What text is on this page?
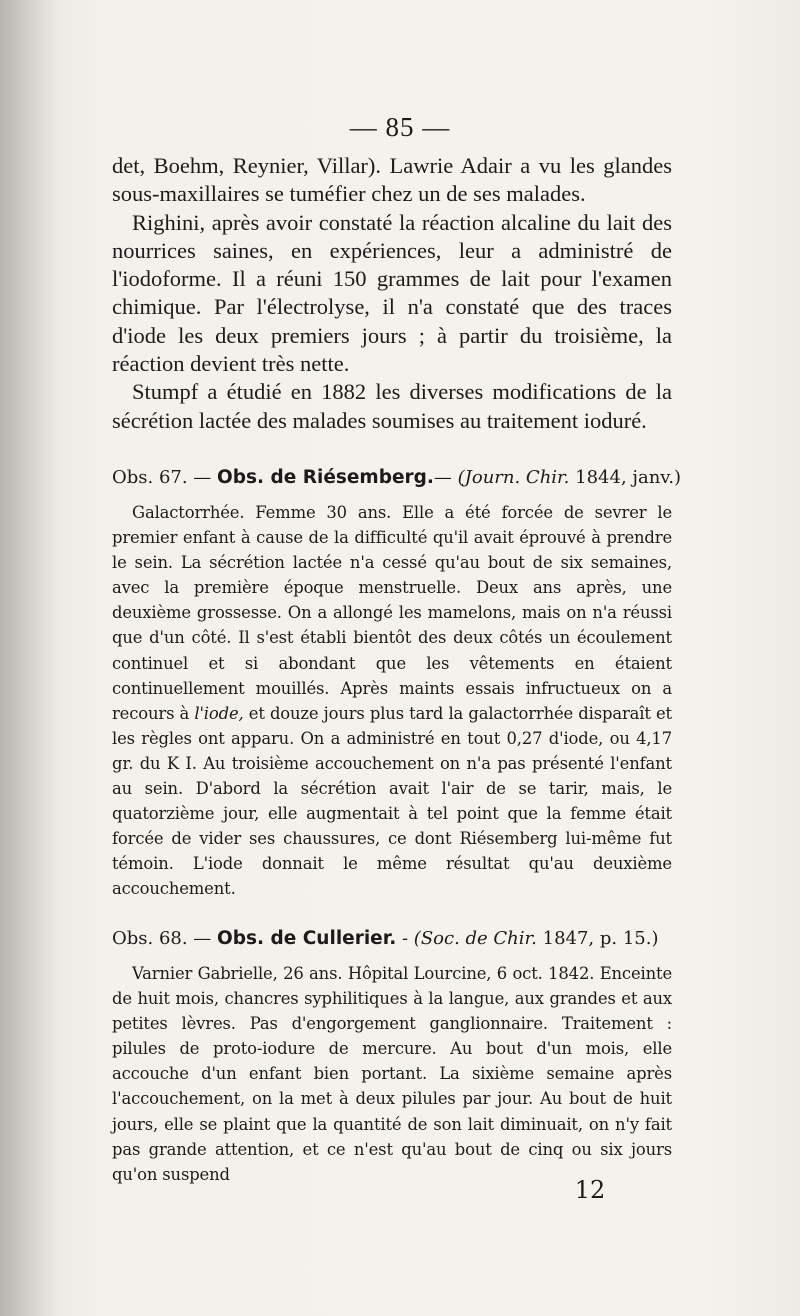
— 85 —

det, Boehm, Reynier, Villar). Lawrie Adair a vu les glandes sous-maxillaires se tuméfier chez un de ses malades.

Righini, après avoir constaté la réaction alcaline du lait des nourrices saines, en expériences, leur a administré de l'iodoforme. Il a réuni 150 grammes de lait pour l'examen chimique. Par l'électrolyse, il n'a constaté que des traces d'iode les deux premiers jours ; à partir du troisième, la réaction devient très nette.

Stumpf a étudié en 1882 les diverses modifications de la sécrétion lactée des malades soumises au traitement ioduré.

Obs. 67. — Obs. de Riésemberg.— (Journ. Chir. 1844, janv.)

Galactorrhée. Femme 30 ans. Elle a été forcée de sevrer le premier enfant à cause de la difficulté qu'il avait éprouvé à prendre le sein. La sécrétion lactée n'a cessé qu'au bout de six semaines, avec la première époque menstruelle. Deux ans après, une deuxième grossesse. On a allongé les mamelons, mais on n'a réussi que d'un côté. Il s'est établi bientôt des deux côtés un écoulement continuel et si abondant que les vêtements en étaient continuellement mouillés. Après maints essais infructueux on a recours à l'iode, et douze jours plus tard la galactorrhée disparaît et les règles ont apparu. On a administré en tout 0,27 d'iode, ou 4,17 gr. du K I. Au troisième accouchement on n'a pas présenté l'enfant au sein. D'abord la sécrétion avait l'air de se tarir, mais, le quatorzième jour, elle augmentait à tel point que la femme était forcée de vider ses chaussures, ce dont Riésemberg lui-même fut témoin. L'iode donnait le même résultat qu'au deuxième accouchement.

Obs. 68. — Obs. de Cullerier. - (Soc. de Chir. 1847, p. 15.)

Varnier Gabrielle, 26 ans. Hôpital Lourcine, 6 oct. 1842. Enceinte de huit mois, chancres syphilitiques à la langue, aux grandes et aux petites lèvres. Pas d'engorgement ganglionnaire. Traitement : pilules de proto-iodure de mercure. Au bout d'un mois, elle accouche d'un enfant bien portant. La sixième semaine après l'accouchement, on la met à deux pilules par jour. Au bout de huit jours, elle se plaint que la quantité de son lait diminuait, on n'y fait pas grande attention, et ce n'est qu'au bout de cinq ou six jours qu'on suspend

12
